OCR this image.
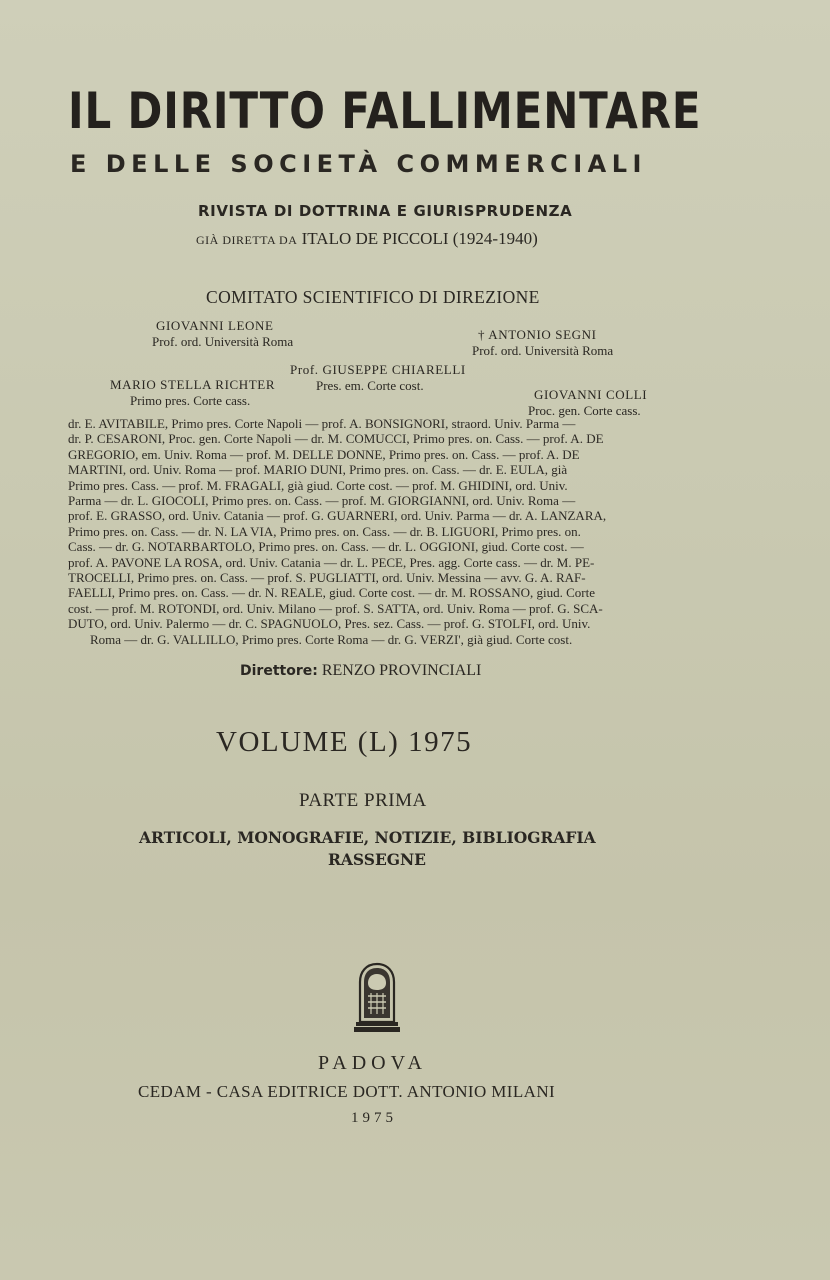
IL DIRITTO FALLIMENTARE
E DELLE SOCIETÀ COMMERCIALI
RIVISTA DI DOTTRINA E GIURISPRUDENZA
GIÀ DIRETTA DA ITALO DE PICCOLI (1924-1940)
COMITATO SCIENTIFICO DI DIREZIONE
GIOVANNI LEONE
Prof. ord. Università Roma	† ANTONIO SEGNI
Prof. ord. Università Roma
Prof. GIUSEPPE CHIARELLI
Pres. em. Corte cost.
MARIO STELLA RICHTER
Primo pres. Corte cass.	GIOVANNI COLLI
Proc. gen. Corte cass.
dr. E. AVITABILE, Primo pres. Corte Napoli — prof. A. BONSIGNORI, straord. Univ. Parma —
dr. P. CESARONI, Proc. gen. Corte Napoli — dr. M. COMUCCI, Primo pres. on. Cass. — prof. A. DE
GREGORIO, em. Univ. Roma — prof. M. DELLE DONNE, Primo pres. on. Cass. — prof. A. DE
MARTINI, ord. Univ. Roma — prof. MARIO DUNI, Primo pres. on. Cass. — dr. E. EULA, già
Primo pres. Cass. — prof. M. FRAGALI, già giud. Corte cost. — prof. M. GHIDINI, ord. Univ.
Parma — dr. L. GIOCOLI, Primo pres. on. Cass. — prof. M. GIORGIANNI, ord. Univ. Roma —
prof. E. GRASSO, ord. Univ. Catania — prof. G. GUARNERI, ord. Univ. Parma — dr. A. LANZARA,
Primo pres. on. Cass. — dr. N. LA VIA, Primo pres. on. Cass. — dr. B. LIGUORI, Primo pres. on.
Cass. — dr. G. NOTARBARTOLO, Primo pres. on. Cass. — dr. L. OGGIONI, giud. Corte cost. —
prof. A. PAVONE LA ROSA, ord. Univ. Catania — dr. L. PECE, Pres. agg. Corte cass. — dr. M. PE-
TROCELLI, Primo pres. on. Cass. — prof. S. PUGLIATTI, ord. Univ. Messina — avv. G. A. RAF-
FAELLI, Primo pres. on. Cass. — dr. N. REALE, giud. Corte cost. — dr. M. ROSSANO, giud. Corte
cost. — prof. M. ROTONDI, ord. Univ. Milano — prof. S. SATTA, ord. Univ. Roma — prof. G. SCA-
DUTO, ord. Univ. Palermo — dr. C. SPAGNUOLO, Pres. sez. Cass. — prof. G. STOLFI, ord. Univ.
Roma — dr. G. VALLILLO, Primo pres. Corte Roma — dr. G. VERZI', già giud. Corte cost.
Direttore: RENZO PROVINCIALI
VOLUME (L) 1975
PARTE PRIMA
ARTICOLI, MONOGRAFIE, NOTIZIE, BIBLIOGRAFIA
RASSEGNE
PADOVA
CEDAM - CASA EDITRICE DOTT. ANTONIO MILANI
1975
